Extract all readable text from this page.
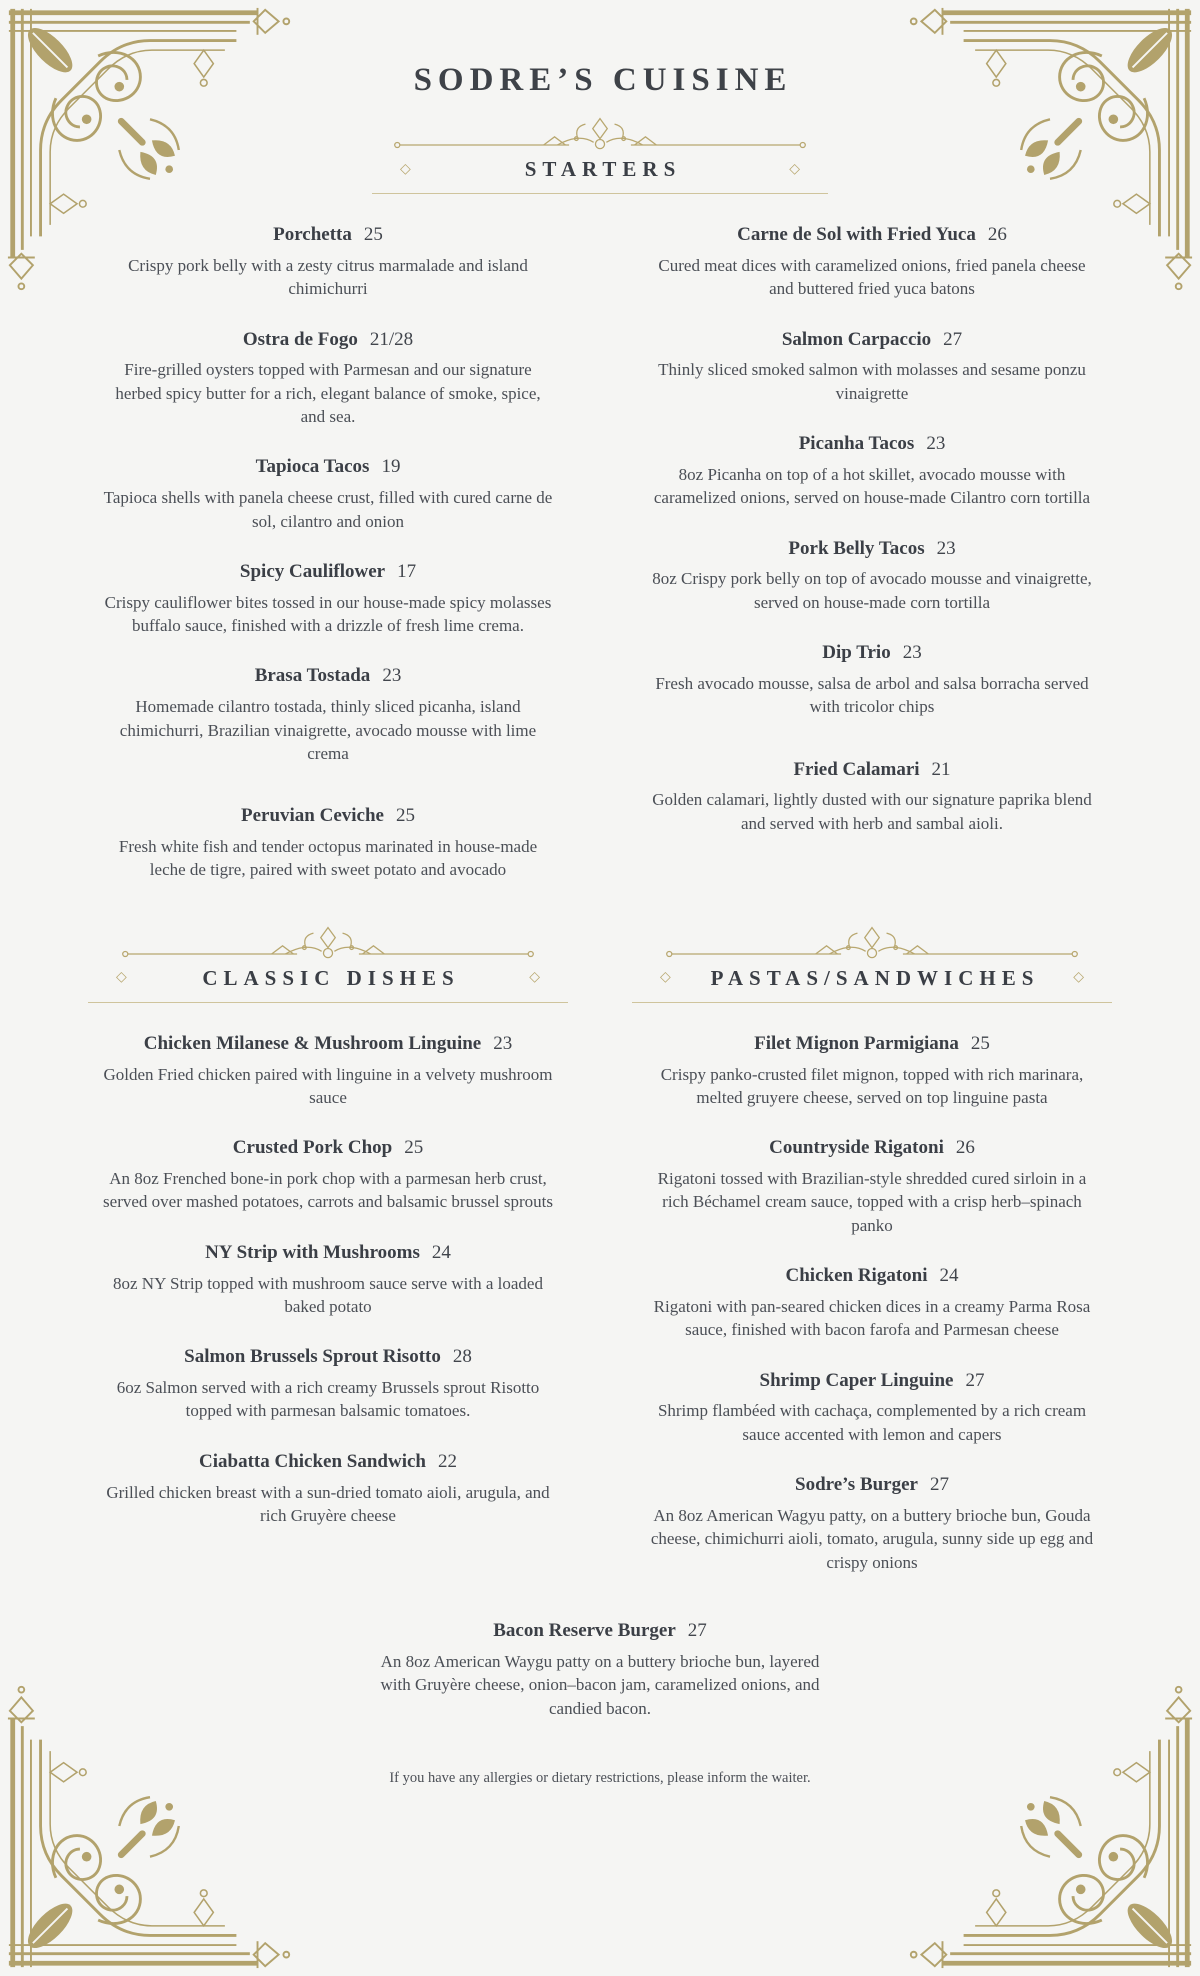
SODRE’S CUISINE
◇	STARTERS	◇
Porchetta 25

Crispy pork belly with a zesty citrus marmalade and island chimichurri

Ostra de Fogo 21/28

Fire-grilled oysters topped with Parmesan and our signature herbed spicy butter for a rich, elegant balance of smoke, spice, and sea.

Tapioca Tacos 19

Tapioca shells with panela cheese crust, filled with cured carne de sol, cilantro and onion

Spicy Cauliflower 17

Crispy cauliflower bites tossed in our house-made spicy molasses buffalo sauce, finished with a drizzle of fresh lime crema.

Brasa Tostada 23

Homemade cilantro tostada, thinly sliced picanha, island chimichurri, Brazilian vinaigrette, avocado mousse with lime crema

Peruvian Ceviche 25

Fresh white fish and tender octopus marinated in house-made leche de tigre, paired with sweet potato and avocado

Carne de Sol with Fried Yuca 26

Cured meat dices with caramelized onions, fried panela cheese and buttered fried yuca batons

Salmon Carpaccio 27

Thinly sliced smoked salmon with molasses and sesame ponzu vinaigrette

Picanha Tacos 23

8oz Picanha on top of a hot skillet, avocado mousse with caramelized onions, served on house-made Cilantro corn tortilla

Pork Belly Tacos 23

8oz Crispy pork belly on top of avocado mousse and vinaigrette, served on house-made corn tortilla

Dip Trio 23

Fresh avocado mousse, salsa de arbol and salsa borracha served with tricolor chips

Fried Calamari 21

Golden calamari, lightly dusted with our signature paprika blend and served with herb and sambal aioli.

◇	CLASSIC DISHES	◇
Chicken Milanese & Mushroom Linguine 23

Golden Fried chicken paired with linguine in a velvety mushroom sauce

Crusted Pork Chop 25

An 8oz Frenched bone-in pork chop with a parmesan herb crust, served over mashed potatoes, carrots and balsamic brussel sprouts

NY Strip with Mushrooms 24

8oz NY Strip topped with mushroom sauce serve with a loaded baked potato

Salmon Brussels Sprout Risotto 28

6oz Salmon served with a rich creamy Brussels sprout Risotto topped with parmesan balsamic tomatoes.

Ciabatta Chicken Sandwich 22

Grilled chicken breast with a sun-dried tomato aioli, arugula, and rich Gruyère cheese

◇ PASTAS/SANDWICHES ◇
Filet Mignon Parmigiana 25

Crispy panko-crusted filet mignon, topped with rich marinara, melted gruyere cheese, served on top linguine pasta

Countryside Rigatoni 26

Rigatoni tossed with Brazilian-style shredded cured sirloin in a rich Béchamel cream sauce, topped with a crisp herb–spinach panko

Chicken Rigatoni 24

Rigatoni with pan-seared chicken dices in a creamy Parma Rosa sauce, finished with bacon farofa and Parmesan cheese

Shrimp Caper Linguine 27

Shrimp flambéed with cachaça, complemented by a rich cream sauce accented with lemon and capers

Sodre’s Burger 27

An 8oz American Wagyu patty, on a buttery brioche bun, Gouda cheese, chimichurri aioli, tomato, arugula, sunny side up egg and crispy onions

Bacon Reserve Burger 27

An 8oz American Waygu patty on a buttery brioche bun, layered with Gruyère cheese, onion–bacon jam, caramelized onions, and candied bacon.

If you have any allergies or dietary restrictions, please inform the waiter.
